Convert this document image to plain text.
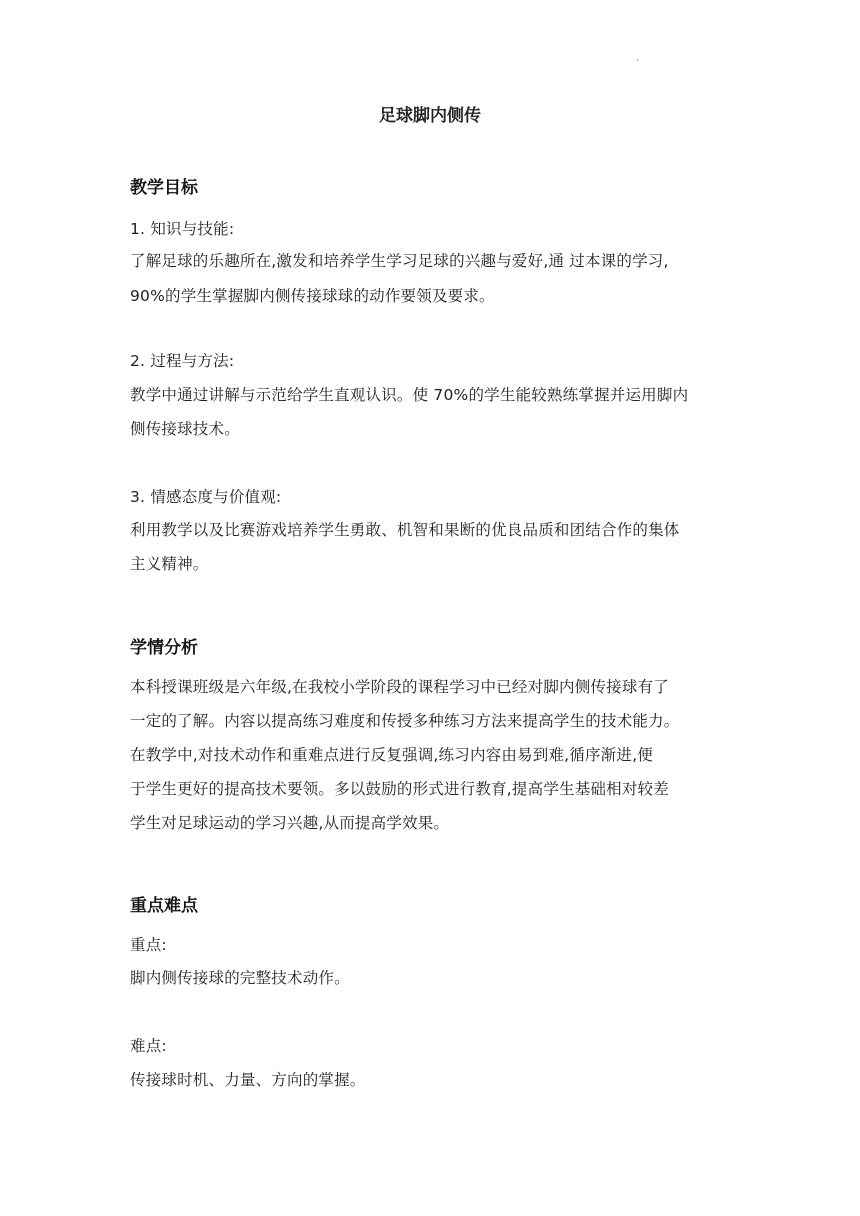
·
足球脚内侧传
教学目标
1. 知识与技能:
了解足球的乐趣所在,激发和培养学生学习足球的兴趣与爱好,通 过本课的学习,
90%的学生掌握脚内侧传接球球的动作要领及要求。
2. 过程与方法:
教学中通过讲解与示范给学生直观认识。使 70%的学生能较熟练掌握并运用脚内
侧传接球技术。
3. 情感态度与价值观:
利用教学以及比赛游戏培养学生勇敢、机智和果断的优良品质和团结合作的集体
主义精神。
学情分析
本科授课班级是六年级,在我校小学阶段的课程学习中已经对脚内侧传接球有了
一定的了解。内容以提高练习难度和传授多种练习方法来提高学生的技术能力。
在教学中,对技术动作和重难点进行反复强调,练习内容由易到难,循序渐进,便
于学生更好的提高技术要领。多以鼓励的形式进行教育,提高学生基础相对较差
学生对足球运动的学习兴趣,从而提高学效果。
重点难点
重点:
脚内侧传接球的完整技术动作。
难点:
传接球时机、力量、方向的掌握。
